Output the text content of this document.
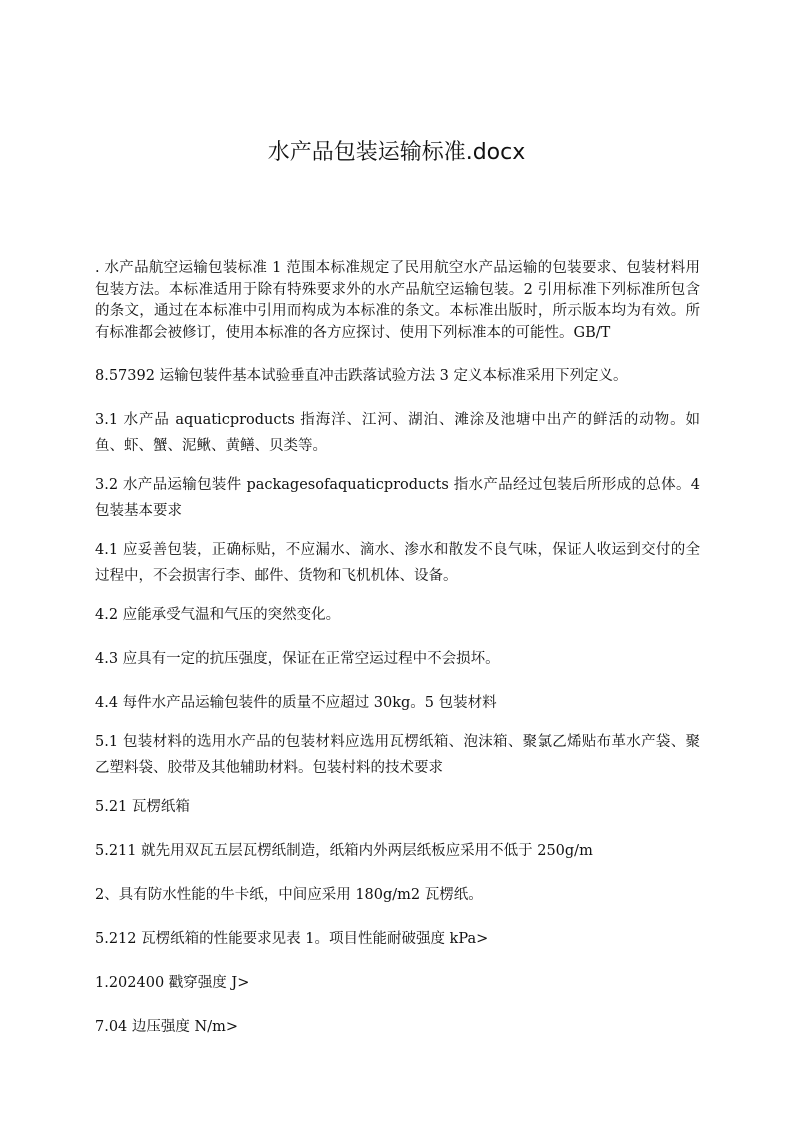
水产品包装运输标准.docx

. 水产品航空运输包装标准 1 范围本标准规定了民用航空水产品运输的包装要求、包装材料用包装方法。本标准适用于除有特殊要求外的水产品航空运输包装。2 引用标准下列标准所包含的条文，通过在本标准中引用而构成为本标准的条文。本标准出版时，所示版本均为有效。所有标准都会被修订，使用本标准的各方应探讨、使用下列标准本的可能性。GB/T

8.57392 运输包装件基本试验垂直冲击跌落试验方法 3 定义本标准采用下列定义。

3.1 水产品 aquaticproducts 指海洋、江河、湖泊、滩涂及池塘中出产的鲜活的动物。如鱼、虾、蟹、泥鳅、黄鳝、贝类等。

3.2 水产品运输包装件 packagesofaquaticproducts 指水产品经过包装后所形成的总体。4 包装基本要求

4.1 应妥善包装，正确标贴，不应漏水、滴水、渗水和散发不良气味，保证人收运到交付的全过程中，不会损害行李、邮件、货物和飞机机体、设备。

4.2 应能承受气温和气压的突然变化。

4.3 应具有一定的抗压强度，保证在正常空运过程中不会损坏。

4.4 每件水产品运输包装件的质量不应超过 30kg。5 包装材料

5.1 包装材料的选用水产品的包装材料应选用瓦楞纸箱、泡沫箱、聚氯乙烯贴布革水产袋、聚乙塑料袋、胶带及其他辅助材料。包装村料的技术要求

5.21 瓦楞纸箱

5.211 就先用双瓦五层瓦楞纸制造，纸箱内外两层纸板应采用不低于 250g/m

2、具有防水性能的牛卡纸，中间应采用 180g/m2 瓦楞纸。

5.212 瓦楞纸箱的性能要求见表 1。项目性能耐破强度 kPa>

1.202400 戳穿强度 J>

7.04 边压强度 N/m>
